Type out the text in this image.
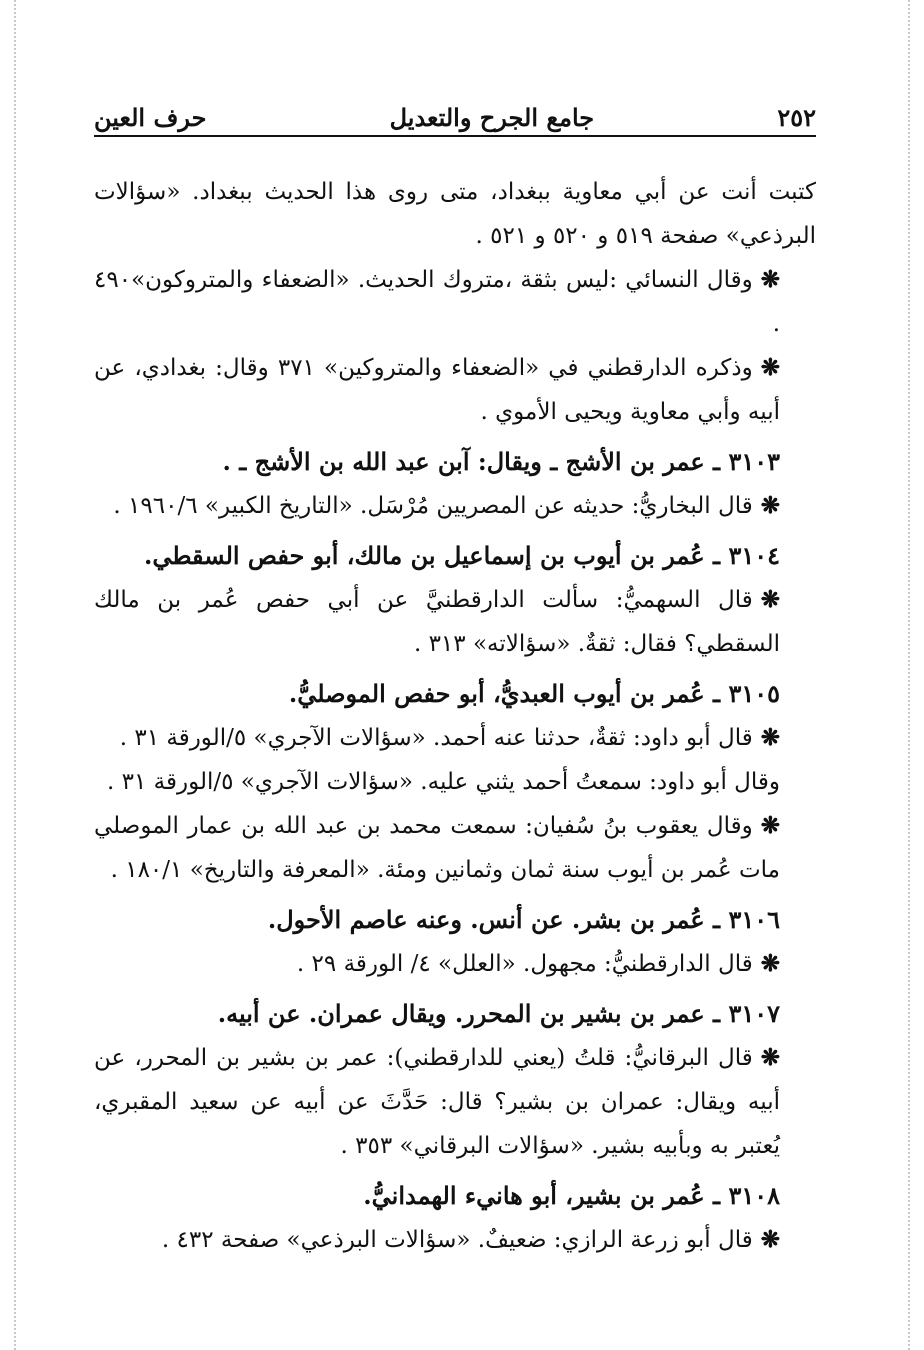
٢٥٢
جامع الجرح والتعديل
حرف العين

كتبت أنت عن أبي معاوية ببغداد، متى روى هذا الحديث ببغداد. «سؤالات البرذعي» صفحة ٥١٩ و ٥٢٠ و ٥٢١ .

❋وقال النسائي :ليس بثقة ،متروك الحديث. «الضعفاء والمتروكون»٤٩٠ .

❋وذكره الدارقطني في «الضعفاء والمتروكين» ٣٧١ وقال: بغدادي، عن أبيه وأبي معاوية ويحيى الأموي .

٣١٠٣ ـ عمر بن الأشج ـ ويقال: آبن عبد الله بن الأشج ـ .

❋قال البخاريُّ: حديثه عن المصريين مُرْسَل. «التاريخ الكبير» ١٩٦٠/٦ .

٣١٠٤ ـ عُمر بن أيوب بن إسماعيل بن مالك، أبو حفص السقطي.

❋قال السهميُّ: سألت الدارقطنيَّ عن أبي حفص عُمر بن مالك السقطي؟ فقال: ثقةٌ. «سؤالاته» ٣١٣ .

٣١٠٥ ـ عُمر بن أيوب العبديُّ، أبو حفص الموصليُّ.

❋قال أبو داود: ثقةٌ، حدثنا عنه أحمد. «سؤالات الآجري» ٥/الورقة ٣١ .

وقال أبو داود: سمعتُ أحمد يثني عليه. «سؤالات الآجري» ٥/الورقة ٣١ .

❋وقال يعقوب بنُ سُفيان: سمعت محمد بن عبد الله بن عمار الموصلي مات عُمر بن أيوب سنة ثمان وثمانين ومئة. «المعرفة والتاريخ» ١٨٠/١ .

٣١٠٦ ـ عُمر بن بشر. عن أنس. وعنه عاصم الأحول.

❋قال الدارقطنيُّ: مجهول. «العلل» ٤/ الورقة ٢٩ .

٣١٠٧ ـ عمر بن بشير بن المحرر. ويقال عمران. عن أبيه.

❋قال البرقانيُّ: قلتُ (يعني للدارقطني): عمر بن بشير بن المحرر، عن أبيه ويقال: عمران بن بشير؟ قال: حَدَّثَ عن أبيه عن سعيد المقبري، يُعتبر به وبأبيه بشير. «سؤالات البرقاني» ٣٥٣ .

٣١٠٨ ـ عُمر بن بشير، أبو هانيء الهمدانيُّ.

❋قال أبو زرعة الرازي: ضعيفٌ. «سؤالات البرذعي» صفحة ٤٣٢ .
